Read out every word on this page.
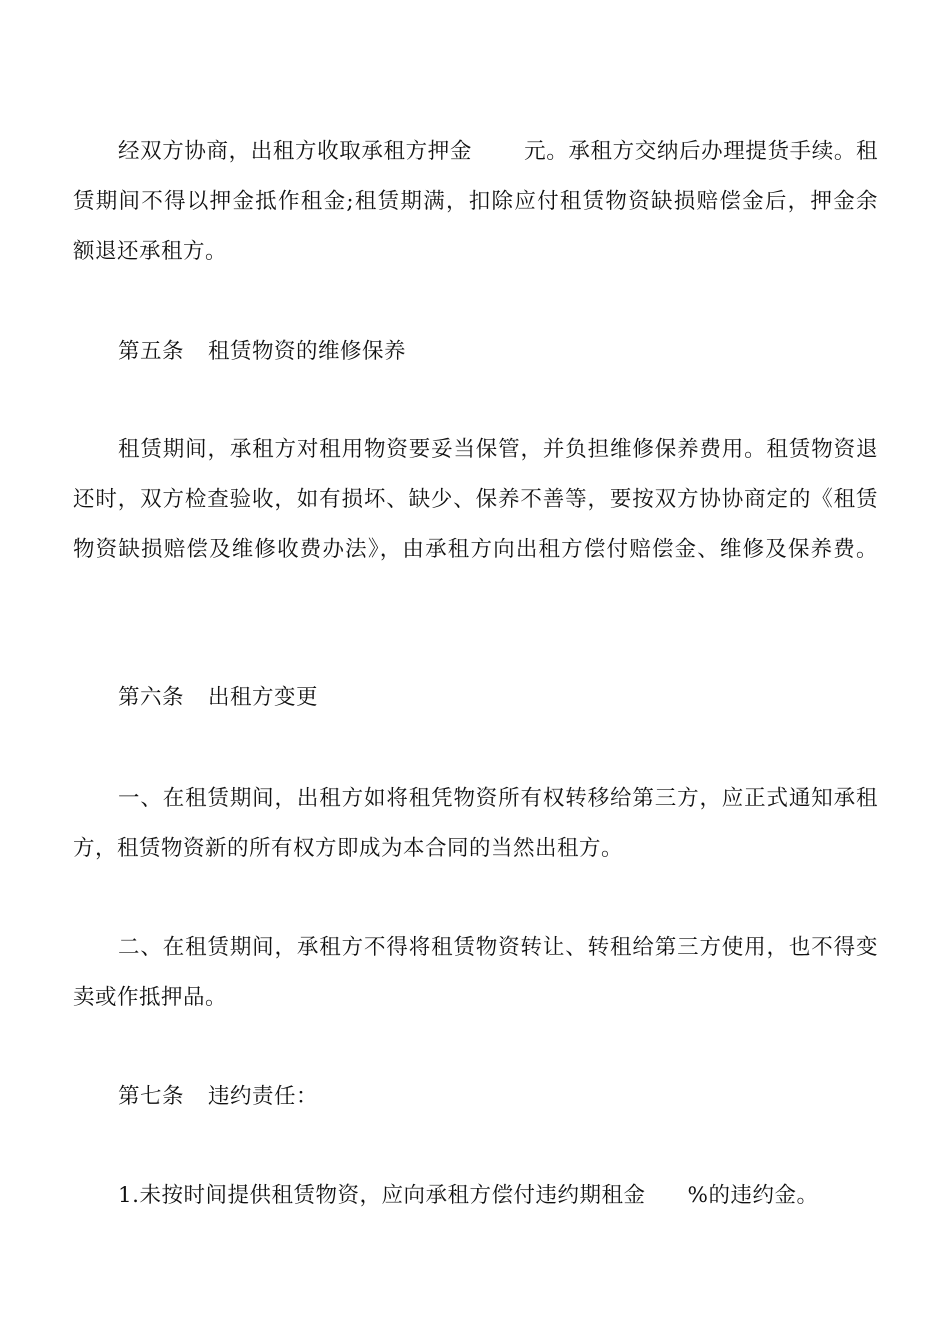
经双方协商，出租方收取承租方押金 元。承租方交纳后办理提货手续。租
赁期间不得以押金抵作租金;租赁期满，扣除应付租赁物资缺损赔偿金后，押金余
额退还承租方。
第五条 租赁物资的维修保养
租赁期间，承租方对租用物资要妥当保管，并负担维修保养费用。租赁物资退
还时，双方检查验收，如有损坏、缺少、保养不善等，要按双方协协商定的《租赁
物资缺损赔偿及维修收费办法》，由承租方向出租方偿付赔偿金、维修及保养费。
第六条 出租方变更
一、在租赁期间，出租方如将租凭物资所有权转移给第三方，应正式通知承租
方，租赁物资新的所有权方即成为本合同的当然出租方。
二、在租赁期间，承租方不得将租赁物资转让、转租给第三方使用，也不得变
卖或作抵押品。
第七条 违约责任：
1.未按时间提供租赁物资，应向承租方偿付违约期租金 %的违约金。
